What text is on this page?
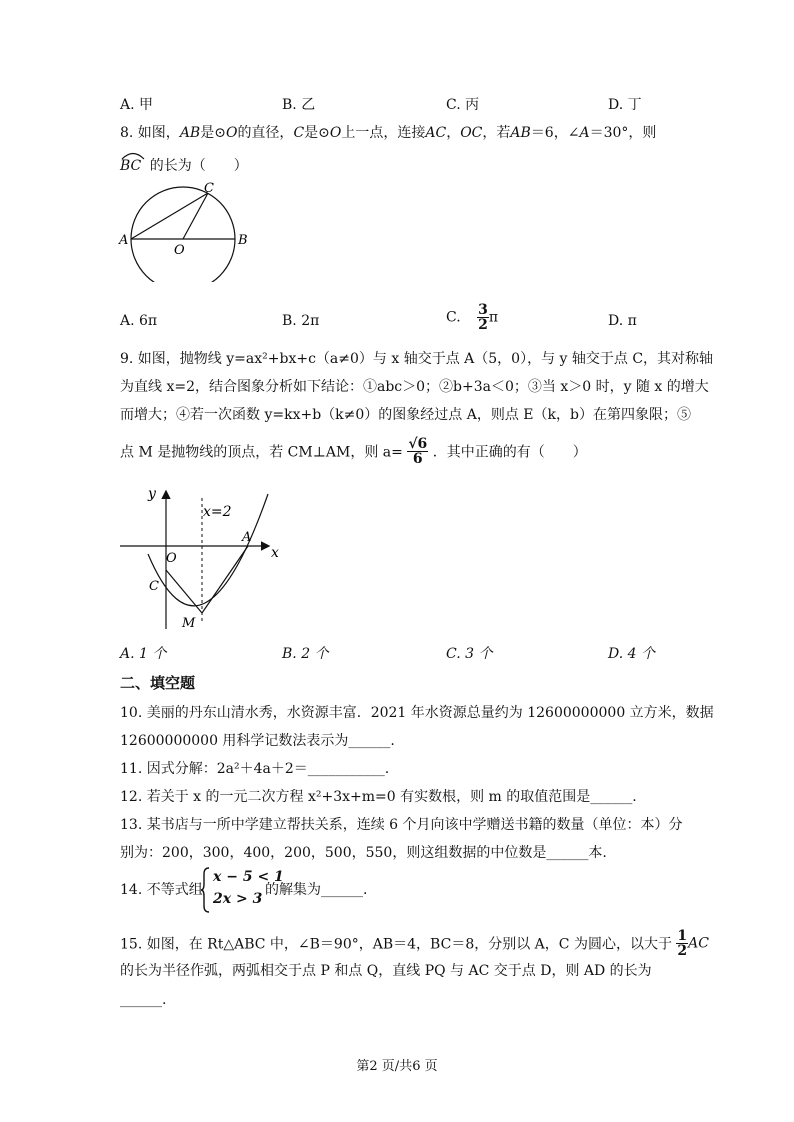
A. 甲	B. 乙	C. 丙	D. 丁
8. 如图，AB是⊙O的直径，C是⊙O上一点，连接AC，OC，若AB＝6，∠A＝30°，则
BC 的长为（　　）
A	B
C
O
A. 6π	B. 2π	C. $\frac{3}{2}$ π	D. π
9. 如图，抛物线 y=ax²+bx+c（a≠0）与 x 轴交于点 A（5，0），与 y 轴交于点 C，其对称轴
为直线 x=2，结合图象分析如下结论：①abc＞0；②b+3a＜0；③当 x＞0 时，y 随 x 的增大
而增大；④若一次函数 y=kx+b（k≠0）的图象经过点 A，则点 E（k，b）在第四象限；⑤
点 M 是抛物线的顶点，若 CM⊥AM，则 $a= \frac{√6}{6}$ ．其中正确的有（　　）
y
x
x=2
O
A
C
M
A. 1 个	B. 2 个	C. 3 个	D. 4 个
二、填空题
10. 美丽的丹东山清水秀，水资源丰富．2021 年水资源总量约为 12600000000 立方米，数据
12600000000 用科学记数法表示为______.
11. 因式分解：2a²＋4a＋2＝___________.
12. 若关于 x 的一元二次方程 x²+3x+m=0 有实数根，则 m 的取值范围是______.
13. 某书店与一所中学建立帮扶关系，连续 6 个月向该中学赠送书籍的数量（单位：本）分
别为：200，300，400，200，500，550，则这组数据的中位数是______本.
14. 不等式组
x − 5 < 1
2x > 3
的解集为______.
15. 如图，在 Rt△ABC 中，∠B＝90°，AB＝4，BC＝8，分别以 A，C 为圆心，以大于 $\frac{1}{2}$ AC
的长为半径作弧，两弧相交于点 P 和点 Q，直线 PQ 与 AC 交于点 D，则 AD 的长为
______.
第2 页/共6 页
